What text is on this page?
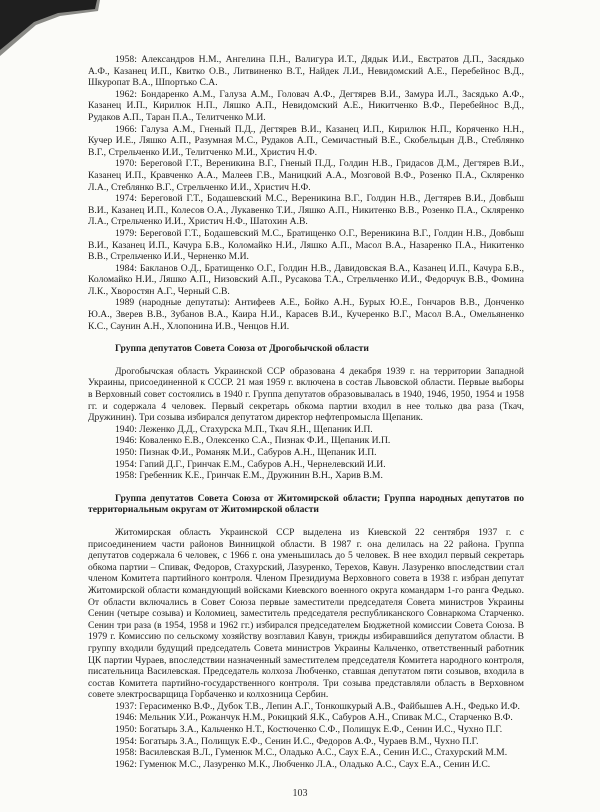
1958: Александров Н.М., Ангелина П.Н., Валигура И.Т., Дядык И.И., Евстратов Д.П., Засядько А.Ф., Казанец И.П., Квитко О.В., Литвиненко В.Т., Найдек Л.И., Невидомский А.Е., Перебейнос В.Д., Шкуропат В.А., Шпортько С.А.

1962: Бондаренко А.М., Галуза А.М., Головач А.Ф., Дегтярев В.И., Замура И.Л., Засядько А.Ф., Казанец И.П., Кирилюк Н.П., Ляшко А.П., Невидомский А.Е., Никитченко В.Ф., Перебейнос В.Д., Рудаков А.П., Таран П.А., Телитченко М.И.

1966: Галуза А.М., Гненый П.Д., Дегтярев В.И., Казанец И.П., Кирилюк Н.П., Коряченко Н.Н., Кучер И.Е., Ляшко А.П., Разумная М.С., Рудаков А.П., Семичастный В.Е., Скобельцын Д.В., Стеблянко В.Г., Стрельченко И.И., Телитченко М.И., Христич Н.Ф.

1970: Береговой Г.Т., Вереникина В.Г., Гненый П.Д., Голдин Н.В., Гридасов Д.М., Дегтярев В.И., Казанец И.П., Кравченко А.А., Малеев Г.В., Маницкий А.А., Мозговой В.Ф., Розенко П.А., Скляренко Л.А., Стеблянко В.Г., Стрельченко И.И., Христич Н.Ф.

1974: Береговой Г.Т., Бодашевский М.С., Вереникина В.Г., Голдин Н.В., Дегтярев В.И., Довбыш В.И., Казанец И.П., Колесов О.А., Лукавенко Т.И., Ляшко А.П., Никитенко В.В., Розенко П.А., Скляренко Л.А., Стрельченко И.И., Христич Н.Ф., Шатохин А.В.

1979: Береговой Г.Т., Бодашевский М.С., Братищенко О.Г., Вереникина В.Г., Голдин Н.В., Довбыш В.И., Казанец И.П., Качура Б.В., Коломайко Н.И., Ляшко А.П., Масол В.А., Назаренко П.А., Никитенко В.В., Стрельченко И.И., Черненко М.И.

1984: Бакланов О.Д., Братищенко О.Г., Голдин Н.В., Давидовская В.А., Казанец И.П., Качура Б.В., Коломайко Н.И., Ляшко А.П., Низовский А.П., Русакова Т.А., Стрельченко И.И., Федорчук В.В., Фомина Л.К., Хворостян А.Г., Черный С.В.

1989 (народные депутаты): Антифеев А.Е., Бойко А.Н., Бурых Ю.Е., Гончаров В.В., Донченко Ю.А., Зверев В.В., Зубанов В.А., Каира Н.И., Карасев В.И., Кучеренко В.Г., Масол В.А., Омельяненко К.С., Саунин А.Н., Хлопонина И.В., Ченцов Н.И.

Группа депутатов Совета Союза от Дрогобычской области

Дрогобычская область Украинской ССР образована 4 декабря 1939 г. на территории Западной Украины, присоединенной к СССР. 21 мая 1959 г. включена в состав Львовской области. Первые выборы в Верховный совет состоялись в 1940 г. Группа депутатов образовывалась в 1940, 1946, 1950, 1954 и 1958 гг. и содержала 4 человек. Первый секретарь обкома партии входил в нее только два раза (Ткач, Дружинин). Три созыва избирался депутатом директор нефтепромысла Щепаник.

1940: Леженко Д.Д., Стахурска М.П., Ткач Я.Н., Щепаник И.П.

1946: Коваленко Е.В., Олексенко С.А., Пизнак Ф.И., Щепаник И.П.

1950: Пизнак Ф.И., Романяк М.И., Сабуров А.Н., Щепаник И.П.

1954: Гапий Д.Г., Гринчак Е.М., Сабуров А.Н., Чернелевский И.И.

1958: Гребенник К.Е., Гринчак Е.М., Дружинин В.Н., Харив В.М.

Группа депутатов Совета Союза от Житомирской области; Группа народных депутатов по территориальным округам от Житомирской области

Житомирская область Украинской ССР выделена из Киевской 22 сентября 1937 г. с присоединением части районов Винницкой области. В 1987 г. она делилась на 22 района. Группа депутатов содержала 6 человек, с 1966 г. она уменьшилась до 5 человек. В нее входил первый секретарь обкома партии – Спивак, Федоров, Стахурский, Лазуренко, Терехов, Кавун. Лазуренко впоследствии стал членом Комитета партийного контроля. Членом Президиума Верховного совета в 1938 г. избран депутат Житомирской области командующий войсками Киевского военного округа командарм 1-го ранга Федько. От области включались в Совет Союза первые заместители председателя Совета министров Украины Сенин (четыре созыва) и Коломиец, заместитель председателя республиканского Совнаркома Старченко. Сенин три раза (в 1954, 1958 и 1962 гг.) избирался председателем Бюджетной комиссии Совета Союза. В 1979 г. Комиссию по сельскому хозяйству возглавил Кавун, трижды избиравшийся депутатом области. В группу входили будущий председатель Совета министров Украины Кальченко, ответственный работник ЦК партии Чураев, впоследствии назначенный заместителем председателя Комитета народного контроля, писательница Василевская. Председатель колхоза Любченко, ставшая депутатом пяти созывов, входила в состав Комитета партийно-государственного контроля. Три созыва представляли область в Верховном совете электросварщица Горбаченко и колхозница Сербин.

1937: Герасименко В.Ф., Дубок Т.В., Лепин А.Г., Тонкошкурый А.В., Файбышев А.Н., Федько И.Ф.

1946: Мельник У.И., Рожанчук Н.М., Рокицкий Я.К., Сабуров А.Н., Спивак М.С., Старченко В.Ф.

1950: Богатырь З.А., Кальченко Н.Т., Костюченко С.Ф., Полищук Е.Ф., Сенин И.С., Чухно П.Г.

1954: Богатырь З.А., Полищук Е.Ф., Сенин И.С., Федоров А.Ф., Чураев В.М., Чухно П.Г.

1958: Василевская В.Л., Гуменюк М.С., Оладько А.С., Саух Е.А., Сенин И.С., Стахурский М.М.

1962: Гуменюк М.С., Лазуренко М.К., Любченко Л.А., Оладько А.С., Саух Е.А., Сенин И.С.

103
